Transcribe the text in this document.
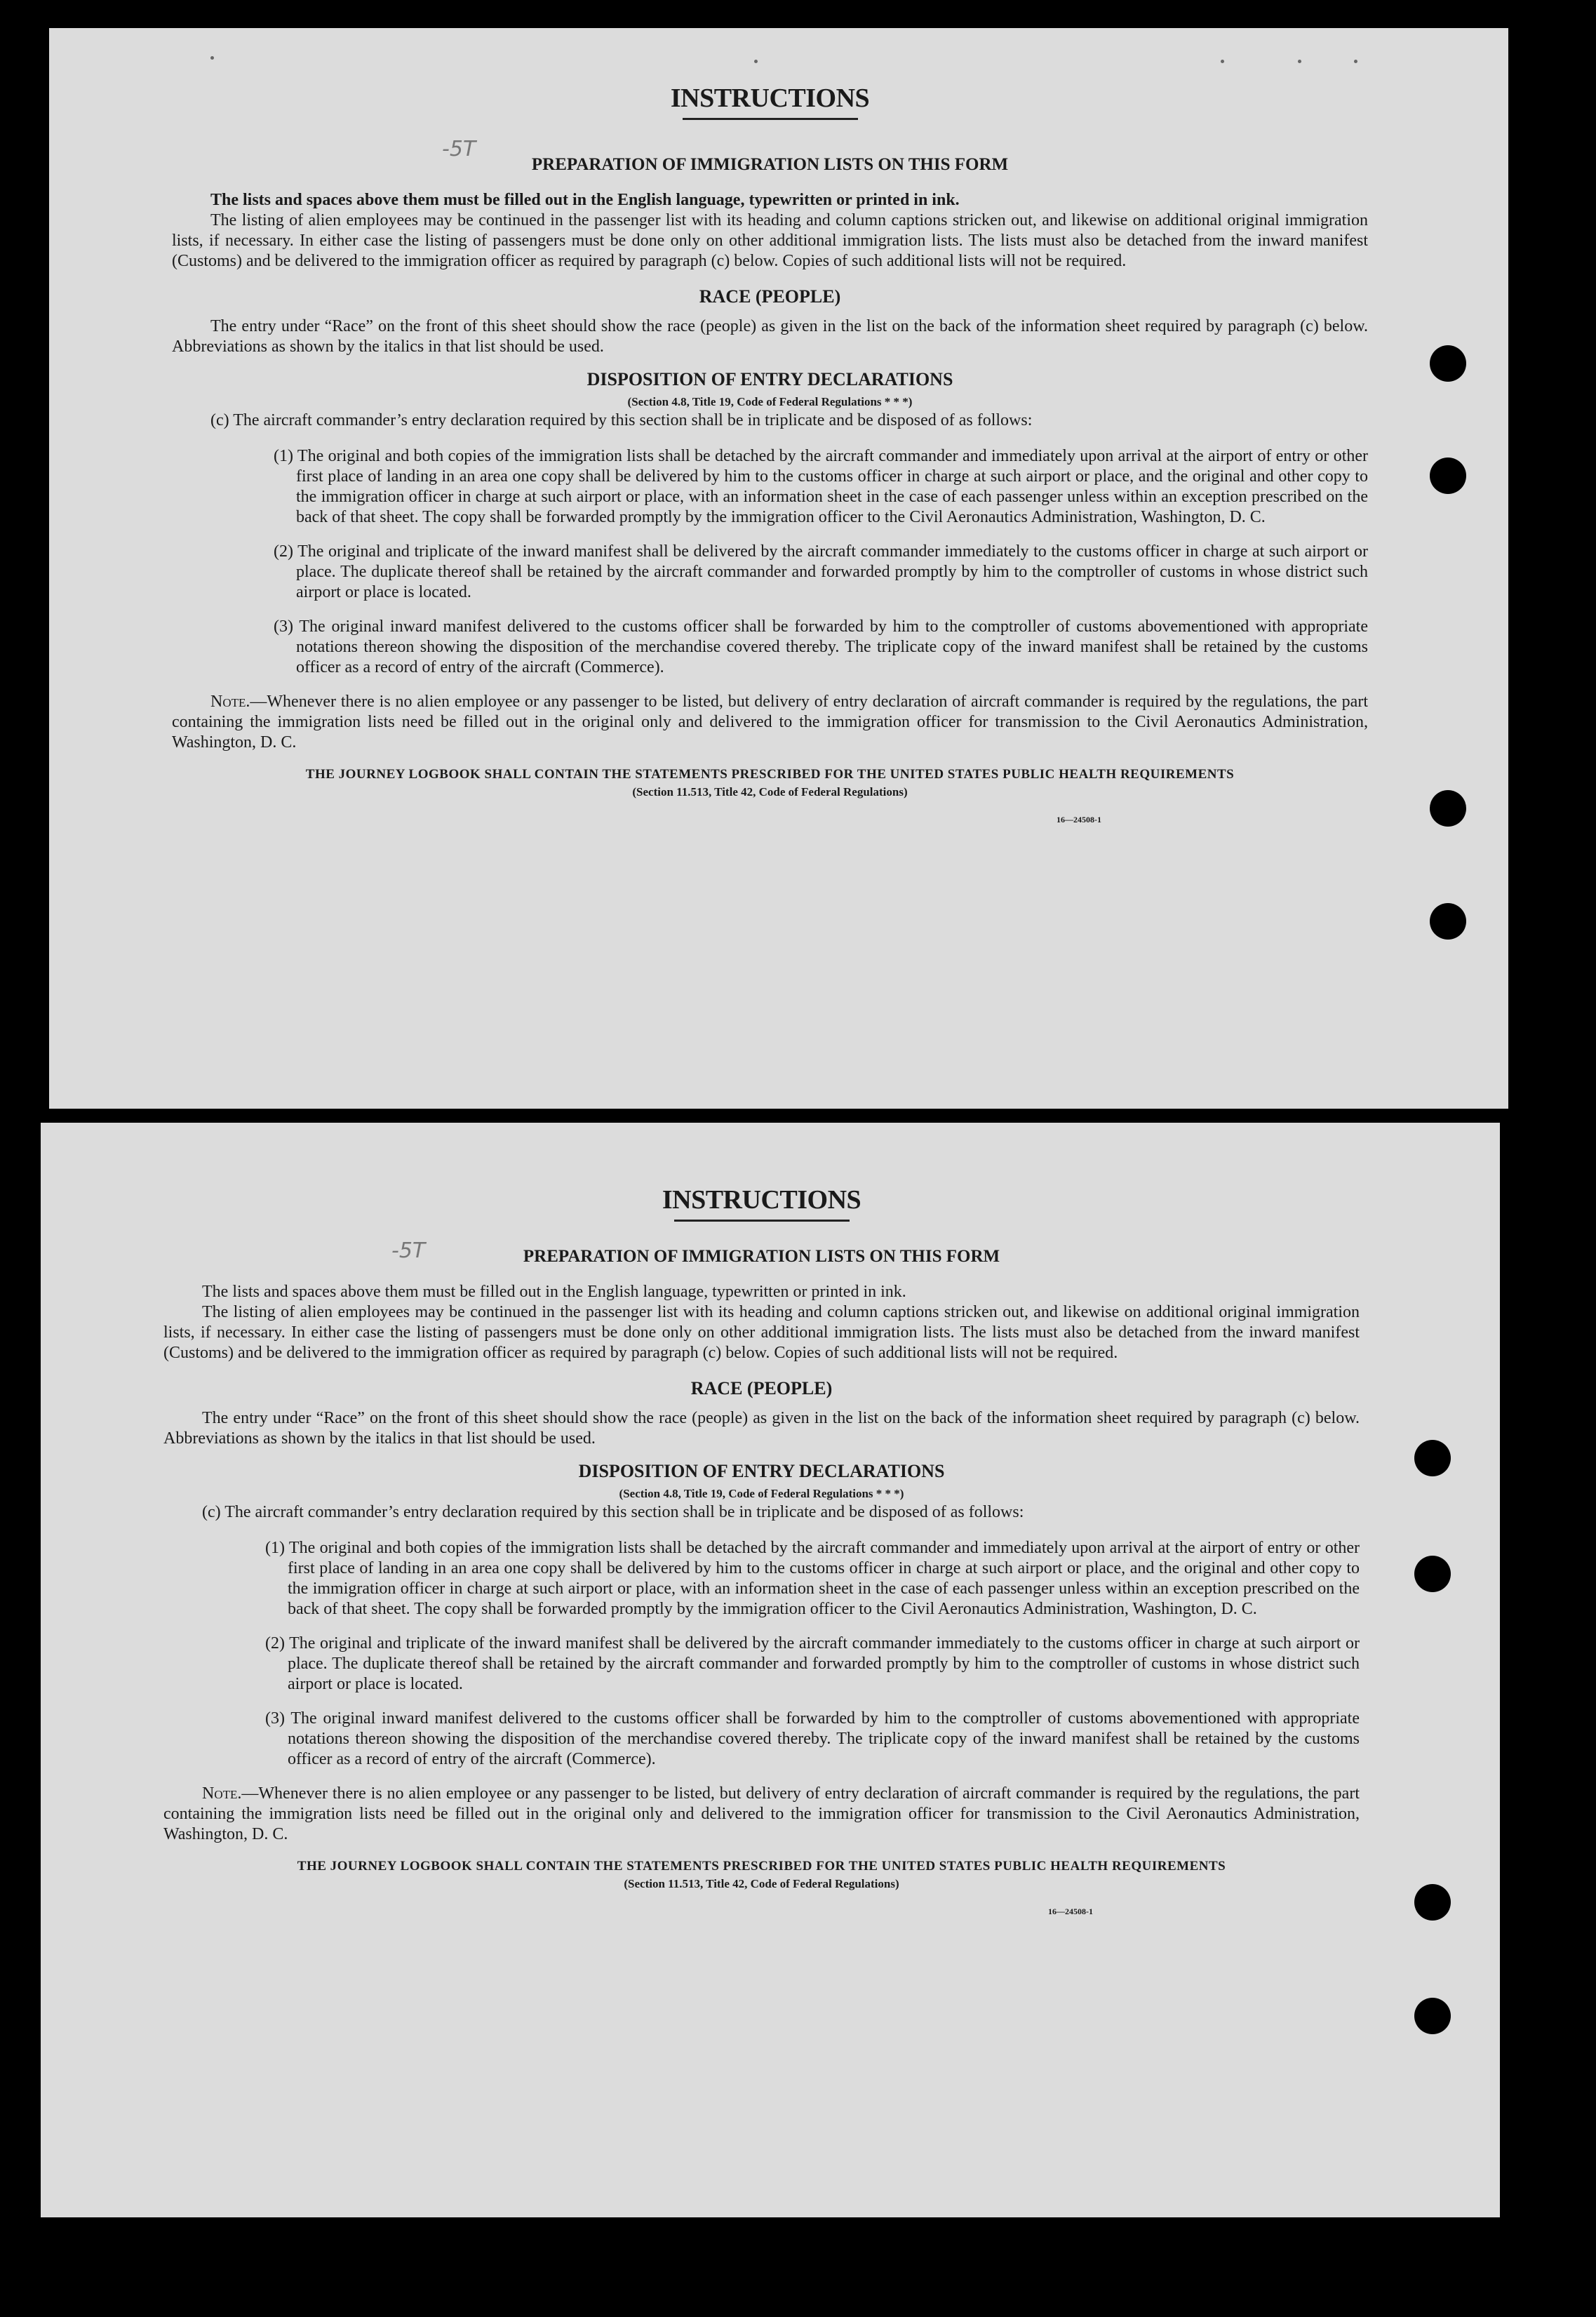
-5T
INSTRUCTIONS
PREPARATION OF IMMIGRATION LISTS ON THIS FORM

The lists and spaces above them must be filled out in the English language, typewritten or printed in ink.

The listing of alien employees may be continued in the passenger list with its heading and column captions stricken out, and likewise on additional original immigration lists, if necessary. In either case the listing of passengers must be done only on other additional immigration lists. The lists must also be detached from the inward manifest (Customs) and be delivered to the immigration officer as required by paragraph (c) below. Copies of such additional lists will not be required.

RACE (PEOPLE)

The entry under “Race” on the front of this sheet should show the race (people) as given in the list on the back of the information sheet required by paragraph (c) below. Abbreviations as shown by the italics in that list should be used.

DISPOSITION OF ENTRY DECLARATIONS

(Section 4.8, Title 19, Code of Federal Regulations * * *)

(c) The aircraft commander’s entry declaration required by this section shall be in triplicate and be disposed of as follows:

(1) The original and both copies of the immigration lists shall be detached by the aircraft commander and immediately upon arrival at the airport of entry or other first place of landing in an area one copy shall be delivered by him to the customs officer in charge at such airport or place, and the original and other copy to the immigration officer in charge at such airport or place, with an information sheet in the case of each passenger unless within an exception prescribed on the back of that sheet. The copy shall be forwarded promptly by the immigration officer to the Civil Aeronautics Administration, Washington, D. C.

(2) The original and triplicate of the inward manifest shall be delivered by the aircraft commander immediately to the customs officer in charge at such airport or place. The duplicate thereof shall be retained by the aircraft commander and forwarded promptly by him to the comptroller of customs in whose district such airport or place is located.

(3) The original inward manifest delivered to the customs officer shall be forwarded by him to the comptroller of customs abovementioned with appropriate notations thereon showing the disposition of the merchandise covered thereby. The triplicate copy of the inward manifest shall be retained by the customs officer as a record of entry of the aircraft (Commerce).

Note.—Whenever there is no alien employee or any passenger to be listed, but delivery of entry declaration of aircraft commander is required by the regulations, the part containing the immigration lists need be filled out in the original only and delivered to the immigration officer for transmission to the Civil Aeronautics Administration, Washington, D. C.

THE JOURNEY LOGBOOK SHALL CONTAIN THE STATEMENTS PRESCRIBED FOR THE UNITED STATES PUBLIC HEALTH REQUIREMENTS

(Section 11.513, Title 42, Code of Federal Regulations)

16—24508-1

-5T
INSTRUCTIONS
PREPARATION OF IMMIGRATION LISTS ON THIS FORM

The lists and spaces above them must be filled out in the English language, typewritten or printed in ink.

The listing of alien employees may be continued in the passenger list with its heading and column captions stricken out, and likewise on additional original immigration lists, if necessary. In either case the listing of passengers must be done only on other additional immigration lists. The lists must also be detached from the inward manifest (Customs) and be delivered to the immigration officer as required by paragraph (c) below. Copies of such additional lists will not be required.

RACE (PEOPLE)

The entry under “Race” on the front of this sheet should show the race (people) as given in the list on the back of the information sheet required by paragraph (c) below. Abbreviations as shown by the italics in that list should be used.

DISPOSITION OF ENTRY DECLARATIONS

(Section 4.8, Title 19, Code of Federal Regulations * * *)

(c) The aircraft commander’s entry declaration required by this section shall be in triplicate and be disposed of as follows:

(1) The original and both copies of the immigration lists shall be detached by the aircraft commander and immediately upon arrival at the airport of entry or other first place of landing in an area one copy shall be delivered by him to the customs officer in charge at such airport or place, and the original and other copy to the immigration officer in charge at such airport or place, with an information sheet in the case of each passenger unless within an exception prescribed on the back of that sheet. The copy shall be forwarded promptly by the immigration officer to the Civil Aeronautics Administration, Washington, D. C.

(2) The original and triplicate of the inward manifest shall be delivered by the aircraft commander immediately to the customs officer in charge at such airport or place. The duplicate thereof shall be retained by the aircraft commander and forwarded promptly by him to the comptroller of customs in whose district such airport or place is located.

(3) The original inward manifest delivered to the customs officer shall be forwarded by him to the comptroller of customs abovementioned with appropriate notations thereon showing the disposition of the merchandise covered thereby. The triplicate copy of the inward manifest shall be retained by the customs officer as a record of entry of the aircraft (Commerce).

Note.—Whenever there is no alien employee or any passenger to be listed, but delivery of entry declaration of aircraft commander is required by the regulations, the part containing the immigration lists need be filled out in the original only and delivered to the immigration officer for transmission to the Civil Aeronautics Administration, Washington, D. C.

THE JOURNEY LOGBOOK SHALL CONTAIN THE STATEMENTS PRESCRIBED FOR THE UNITED STATES PUBLIC HEALTH REQUIREMENTS

(Section 11.513, Title 42, Code of Federal Regulations)

16—24508-1
